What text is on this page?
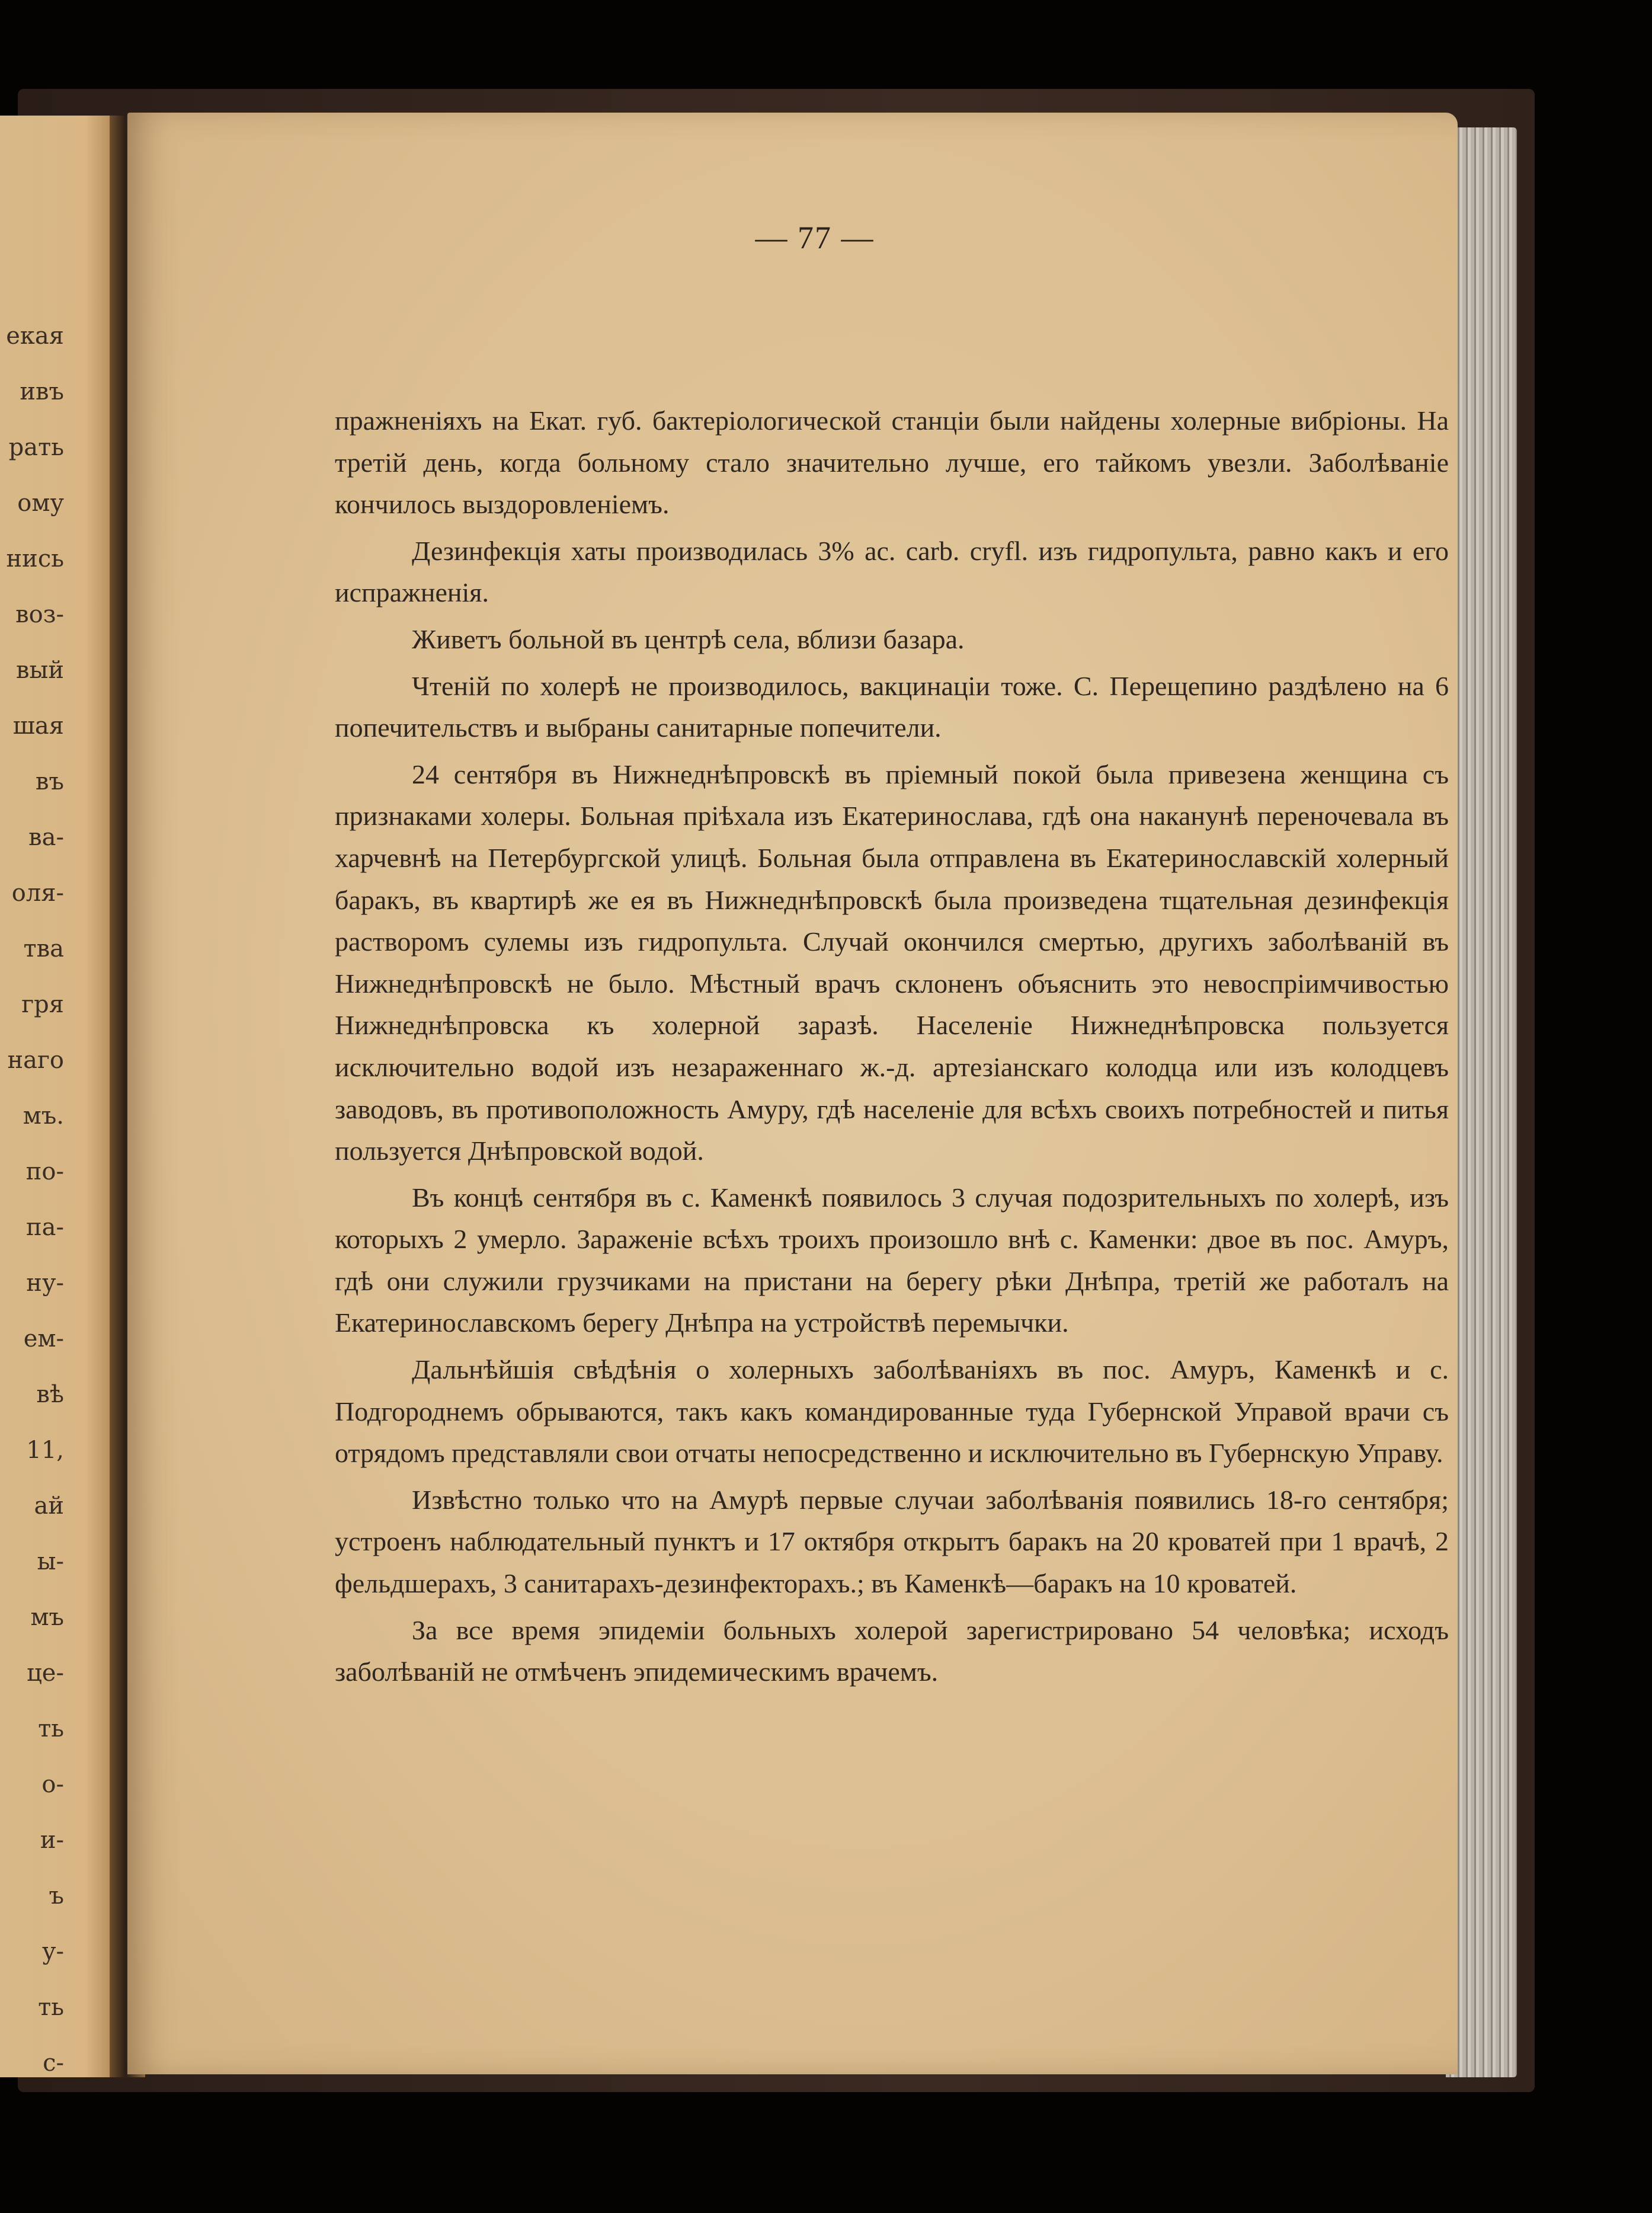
екая
ивъ
рать
ому
нись
воз-
вый
шая
въ
ва-
оля-
тва
гря
наго
мъ.
по-
па-
ну-
ем-
вѣ
11,
ай
ы-
мъ
це-
ть
о-
и-
ъ
у-
ть
с-
— 77 —

пражненіяхъ на Екат. губ. бактеріологической станціи были найдены холерные вибріоны. На третій день, когда больному стало значительно лучше, его тайкомъ увезли. Заболѣваніе кончилось выздоровленіемъ.

Дезинфекція хаты производилась 3% ac. carb. cryfl. изъ гидропульта, равно какъ и его испражненія.

Живетъ больной въ центрѣ села, вблизи базара.

Чтеній по холерѣ не производилось, вакцинаціи тоже. С. Перещепино раздѣлено на 6 попечительствъ и выбраны санитарные попечители.

24 сентября въ Нижнеднѣпровскѣ въ пріемный покой была привезена женщина съ признаками холеры. Больная пріѣхала изъ Екатеринослава, гдѣ она наканунѣ переночевала въ харчевнѣ на Петербургской улицѣ. Больная была отправлена въ Екатеринославскій холерный баракъ, въ квартирѣ же ея въ Нижнеднѣпровскѣ была произведена тщательная дезинфекція растворомъ сулемы изъ гидропульта. Случай окончился смертью, другихъ заболѣваній въ Нижнеднѣпровскѣ не было. Мѣстный врачъ склоненъ объяснить это невоспріимчивостью Нижнеднѣпровска къ холерной заразѣ. Населеніе Нижнеднѣпровска пользуется исключительно водой изъ незараженнаго ж.-д. артезіанскаго колодца или изъ колодцевъ заводовъ, въ противоположность Амуру, гдѣ населеніе для всѣхъ своихъ потребностей и питья пользуется Днѣпровской водой.

Въ концѣ сентября въ с. Каменкѣ появилось 3 случая подозрительныхъ по холерѣ, изъ которыхъ 2 умерло. Зараженіе всѣхъ троихъ произошло внѣ с. Каменки: двое въ пос. Амуръ, гдѣ они служили грузчиками на пристани на берегу рѣки Днѣпра, третій же работалъ на Екатеринославскомъ берегу Днѣпра на устройствѣ перемычки.

Дальнѣйшія свѣдѣнія о холерныхъ заболѣваніяхъ въ пос. Амуръ, Каменкѣ и с. Подгороднемъ обрываются, такъ какъ командированные туда Губернской Управой врачи съ отрядомъ представляли свои отчаты непосредственно и исключительно въ Губернскую Управу.

Извѣстно только что на Амурѣ первые случаи заболѣванія появились 18-го сентября; устроенъ наблюдательный пунктъ и 17 октября открытъ баракъ на 20 кроватей при 1 врачѣ, 2 фельдшерахъ, 3 санитарахъ-дезинфекторахъ.; въ Каменкѣ—баракъ на 10 кроватей.

За все время эпидеміи больныхъ холерой зарегистрировано 54 человѣка; исходъ заболѣваній не отмѣченъ эпидемическимъ врачемъ.
